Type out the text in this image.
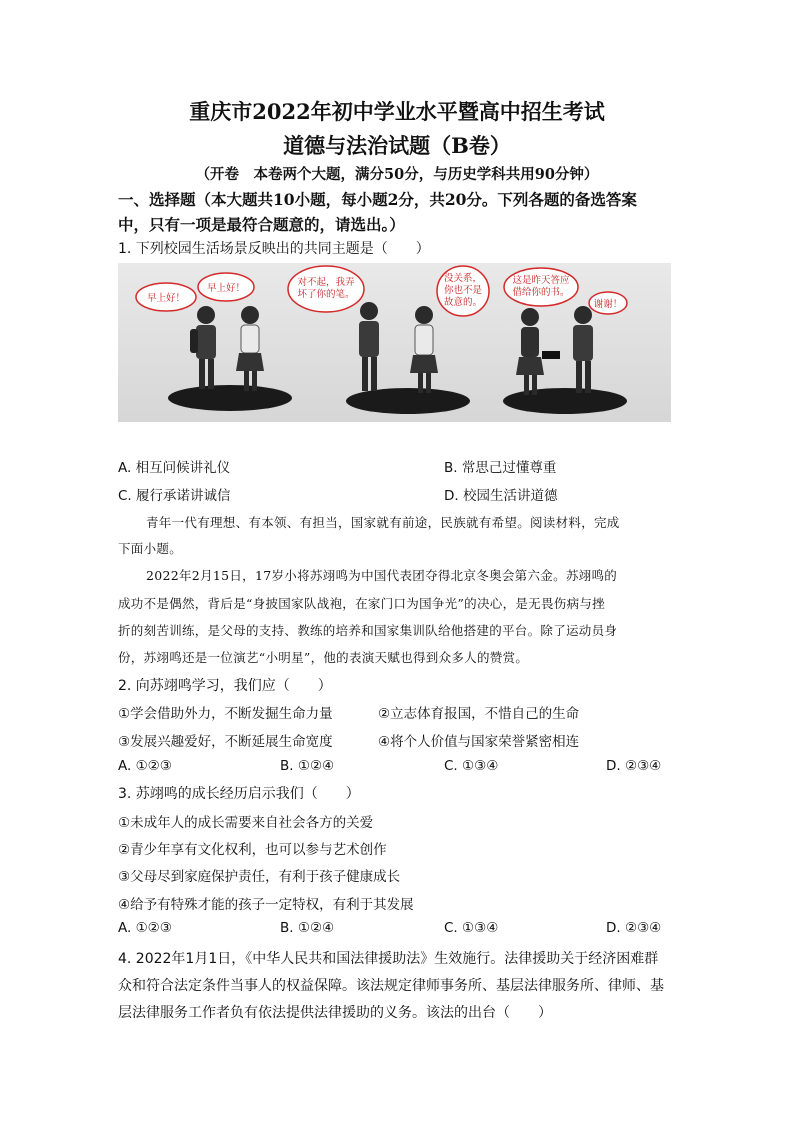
重庆市2022年初中学业水平暨高中招生考试
道德与法治试题（B卷）
（开卷　本卷两个大题，满分50分，与历史学科共用90分钟）
一、选择题（本大题共10小题，每小题2分，共20分。下列各题的备选答案
中，只有一项是最符合题意的，请选出。）
1. 下列校园生活场景反映出的共同主题是（　　）
早上好！
早上好！
对不起，我弄
坏了你的笔。
没关系，
你也不是
故意的。
这是昨天答应
借给你的书。
谢谢！
A. 相互问候讲礼仪	B. 常思己过懂尊重
C. 履行承诺讲诚信	D. 校园生活讲道德
青年一代有理想、有本领、有担当，国家就有前途，民族就有希望。阅读材料，完成
下面小题。
2022年2月15日，17岁小将苏翊鸣为中国代表团夺得北京冬奥会第六金。苏翊鸣的
成功不是偶然，背后是“身披国家队战袍，在家门口为国争光”的决心，是无畏伤病与挫
折的刻苦训练，是父母的支持、教练的培养和国家集训队给他搭建的平台。除了运动员身
份，苏翊鸣还是一位演艺“小明星”，他的表演天赋也得到众多人的赞赏。
2. 向苏翊鸣学习，我们应（　　）
①学会借助外力，不断发掘生命力量	②立志体育报国，不惜自己的生命
③发展兴趣爱好，不断延展生命宽度	④将个人价值与国家荣誉紧密相连
A. ①②③	B. ①②④	C. ①③④	D. ②③④
3. 苏翊鸣的成长经历启示我们（　　）
①未成年人的成长需要来自社会各方的关爱
②青少年享有文化权利，也可以参与艺术创作
③父母尽到家庭保护责任，有利于孩子健康成长
④给予有特殊才能的孩子一定特权，有利于其发展
A. ①②③	B. ①②④	C. ①③④	D. ②③④
4. 2022年1月1日，《中华人民共和国法律援助法》生效施行。法律援助关于经济困难群
众和符合法定条件当事人的权益保障。该法规定律师事务所、基层法律服务所、律师、基
层法律服务工作者负有依法提供法律援助的义务。该法的出台（　　）
